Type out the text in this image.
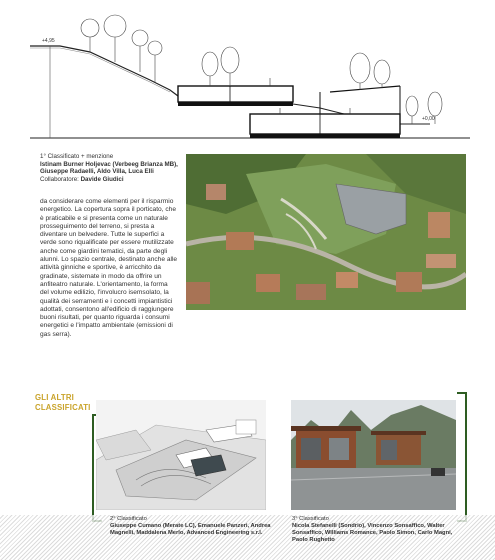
+4,95
+0,00
1° Classificato + menzione
Istinam Burner Holjevac (Verbeeg Brianza MB),
Giuseppe Radaelli, Aldo Villa, Luca Elli
Collaboratore: Davide Giudici

da considerare come elementi per il risparmio energetico. La copertura sopra il porticato, che è praticabile e si presenta come un naturale prosseguimento del terreno, si presta a diventare un belvedere. Tutte le superfici a verde sono riqualificate per essere mutilizzate anche come giardini tematici, da parte degli alunni. Lo spazio centrale, destinato anche alle attività ginniche e sportive, è arricchito da gradinate, sistemate in modo da offrire un anfiteatro naturale. L'orientamento, la forma del volume edilizio, l'involucro isemsolato, la qualità dei serramenti e i concetti impiantistici adottati, consentono all'edificio di raggiungere buoni risultati, per quanto riguarda i consumi energetici e l'impatto ambientale (emissioni di gas serra).

GLI ALTRI
CLASSIFICATI
2° Classificato
Giuseppe Cumano (Merate LC), Emanuele Panzeri, Andrea Magnelli, Maddalena Merlo, Advanced Engineering s.r.l.
3° Classificato
Nicola Stefanelli (Sondrio), Vincenzo Sonsaffico, Walter Sonsaffico, Williams Romance, Paolo Simon, Carlo Magni, Paolo Rughetto
